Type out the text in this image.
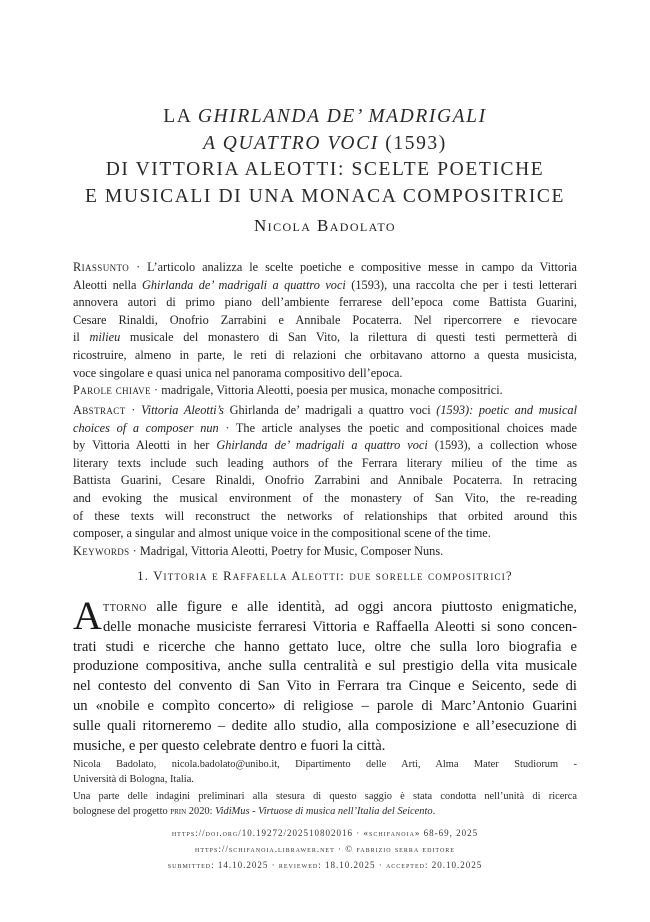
LA GHIRLANDA DE’ MADRIGALI
A QUATTRO VOCI (1593)
DI VITTORIA ALEOTTI: SCELTE POETICHE
E MUSICALI DI UNA MONACA COMPOSITRICE
Nicola Badolato
Riassunto · L’articolo analizza le scelte poetiche e compositive messe in campo da Vittoria
Aleotti nella Ghirlanda de’ madrigali a quattro voci (1593), una raccolta che per i testi letterari
annovera autori di primo piano dell’ambiente ferrarese dell’epoca come Battista Guarini,
Cesare Rinaldi, Onofrio Zarrabini e Annibale Pocaterra. Nel ripercorrere e rievocare
il milieu musicale del monastero di San Vito, la rilettura di questi testi permetterà di
ricostruire, almeno in parte, le reti di relazioni che orbitavano attorno a questa musicista,
voce singolare e quasi unica nel panorama compositivo dell’epoca.
Parole chiave · madrigale, Vittoria Aleotti, poesia per musica, monache compositrici.
Abstract · Vittoria Aleotti’s Ghirlanda de’ madrigali a quattro voci (1593): poetic and musical
choices of a composer nun · The article analyses the poetic and compositional choices made
by Vittoria Aleotti in her Ghirlanda de’ madrigali a quattro voci (1593), a collection whose
literary texts include such leading authors of the Ferrara literary milieu of the time as
Battista Guarini, Cesare Rinaldi, Onofrio Zarrabini and Annibale Pocaterra. In retracing
and evoking the musical environment of the monastery of San Vito, the re-reading
of these texts will reconstruct the networks of relationships that orbited around this
composer, a singular and almost unique voice in the compositional scene of the time.
Keywords · Madrigal, Vittoria Aleotti, Poetry for Music, Composer Nuns.
1. Vittoria e Raffaella Aleotti: due sorelle compositrici?
A ttorno alle figure e alle identità, ad oggi ancora piuttosto enigmatiche,
delle monache musiciste ferraresi Vittoria e Raffaella Aleotti si sono concen-
trati studi e ricerche che hanno gettato luce, oltre che sulla loro biografia e
produzione compositiva, anche sulla centralità e sul prestigio della vita musicale
nel contesto del convento di San Vito in Ferrara tra Cinque e Seicento, sede di
un «nobile e compìto concerto» di religiose – parole di Marc’Antonio Guarini
sulle quali ritorneremo – dedite allo studio, alla composizione e all’esecuzione di
musiche, e per questo celebrate dentro e fuori la città.
Nicola Badolato, nicola.badolato@unibo.it, Dipartimento delle Arti, Alma Mater Studiorum -
Università di Bologna, Italia.
Una parte delle indagini preliminari alla stesura di questo saggio è stata condotta nell’unità di ricerca
bolognese del progetto prin 2020: VidiMus - Virtuose di musica nell’Italia del Seicento.
https://doi.org/10.19272/202510802016 · «schifanoia» 68-69, 2025
https://schifanoia.librawer.net · © fabrizio serra editore
submitted: 14.10.2025 · reviewed: 18.10.2025 · accepted: 20.10.2025
